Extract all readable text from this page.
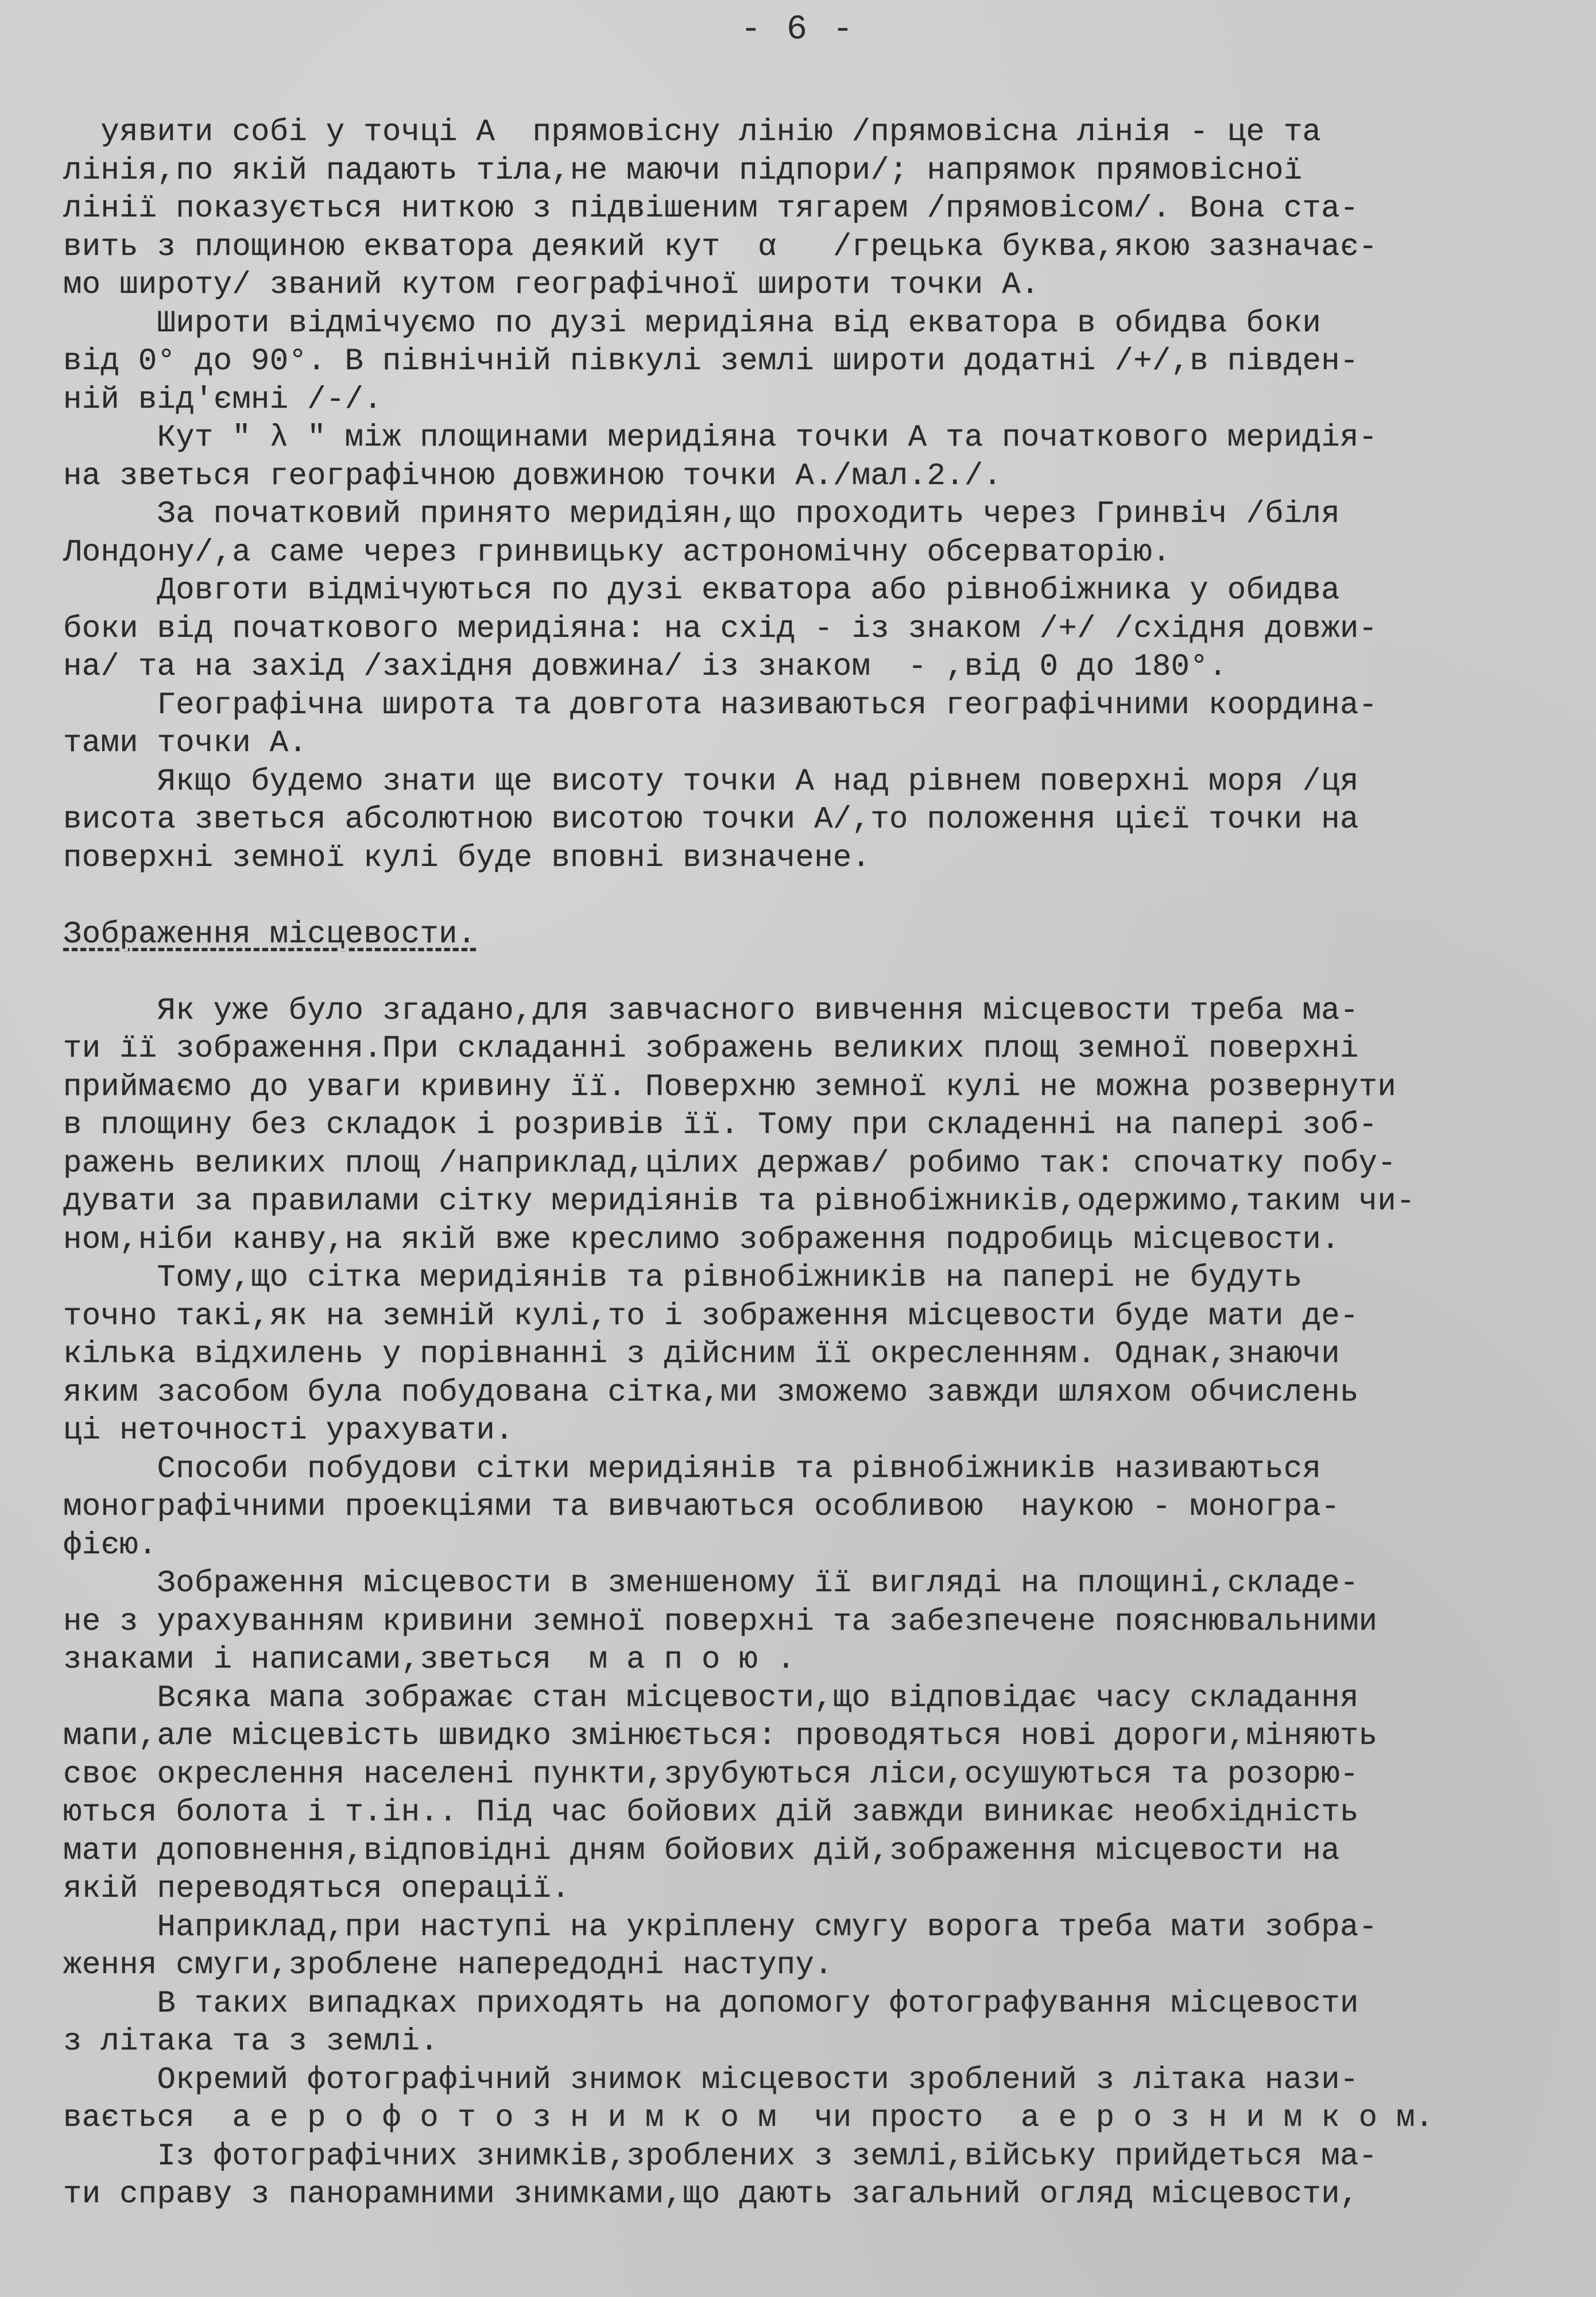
- 6 -
уявити собі у точці А  прямовісну лінію /прямовісна лінія - це та
лінія,по якій падають тіла,не маючи підпори/; напрямок прямовісної
лінії показується ниткою з підвішеним тягарем /прямовісом/. Вона ста-
вить з площиною екватора деякий кут  α   /грецька буква,якою зазначає-
мо широту/ званий кутом географічної широти точки А.
Широти відмічуємо по дузі меридіяна від екватора в обидва боки
від 0° до 90°. В північній півкулі землі широти додатні /+/,в півден-
ній від'ємні /-/.
Кут " λ " між площинами меридіяна точки А та початкового меридія-
на зветься географічною довжиною точки А./мал.2./.
За початковий принято меридіян,що проходить через Гринвіч /біля
Лондону/,а саме через гринвицьку астрономічну обсерваторію.
Довготи відмічуються по дузі екватора або рівнобіжника у обидва
боки від початкового меридіяна: на схід - із знаком /+/ /східня довжи-
на/ та на захід /західня довжина/ із знаком  - ,від 0 до 180°.
Географічна широта та довгота називаються географічними координа-
тами точки А.
Якщо будемо знати ще висоту точки А над рівнем поверхні моря /ця
висота зветься абсолютною висотою точки А/,то положення цієї точки на
поверхні земної кулі буде вповні визначене.
Зображення місцевости.
Як уже було згадано,для завчасного вивчення місцевости треба ма-
ти її зображення.При складанні зображень великих площ земної поверхні
приймаємо до уваги кривину її. Поверхню земної кулі не можна розвернути
в площину без складок і розривів її. Тому при складенні на папері зоб-
ражень великих площ /наприклад,цілих держав/ робимо так: спочатку побу-
дувати за правилами сітку меридіянів та рівнобіжників,одержимо,таким чи-
ном,ніби канву,на якій вже креслимо зображення подробиць місцевости.
Тому,що сітка меридіянів та рівнобіжників на папері не будуть
точно такі,як на земній кулі,то і зображення місцевости буде мати де-
кілька відхилень у порівнанні з дійсним її окресленням. Однак,знаючи
яким засобом була побудована сітка,ми зможемо завжди шляхом обчислень
ці неточності урахувати.
Способи побудови сітки меридіянів та рівнобіжників називаються
монографічними проекціями та вивчаються особливою  наукою - моногра-
фією.
Зображення місцевости в зменшеному її вигляді на площині,складе-
не з урахуванням кривини земної поверхні та забезпечене пояснювальними
знаками і написами,зветься  м а п о ю .
Всяка мапа зображає стан місцевости,що відповідає часу складання
мапи,але місцевість швидко змінюється: проводяться нові дороги,міняють
своє окреслення населені пункти,зрубуються ліси,осушуються та розорю-
ються болота і т.ін.. Під час бойових дій завжди виникає необхідність
мати доповнення,відповідні дням бойових дій,зображення місцевости на
якій переводяться операції.
Наприклад,при наступі на укріплену смугу ворога треба мати зобра-
ження смуги,зроблене напередодні наступу.
В таких випадках приходять на допомогу фотографування місцевости
з літака та з землі.
Окремий фотографічний знимок місцевости зроблений з літака нази-
вається  а е р о ф о т о з н и м к о м  чи просто  а е р о з н и м к о м.
Із фотографічних знимків,зроблених з землі,війську прийдеться ма-
ти справу з панорамними знимками,що дають загальний огляд місцевости,
